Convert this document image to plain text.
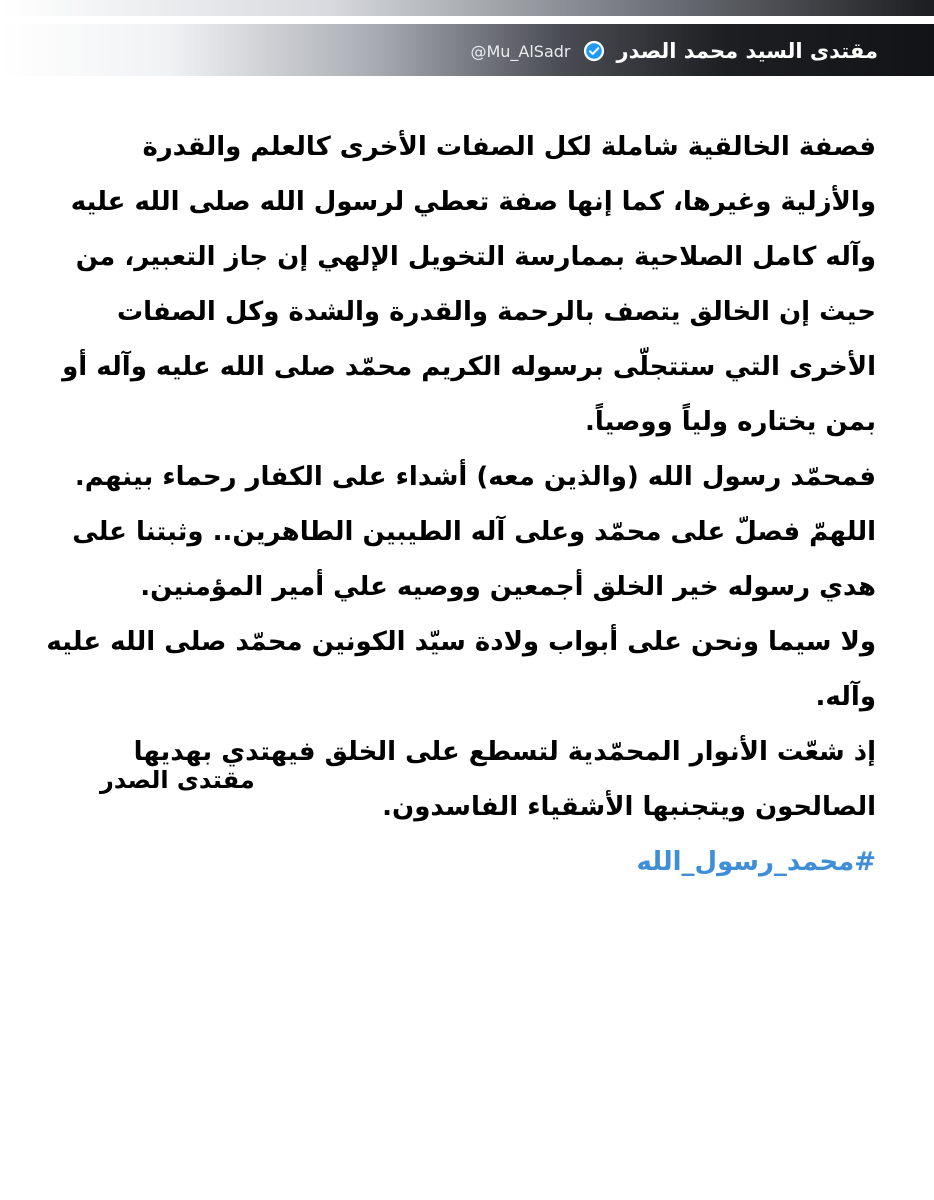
@Mu_AlSadr مقتدى السيد محمد الصدر

فصفة الخالقية شاملة لكل الصفات الأخرى كالعلم والقدرة والأزلية وغيرها، كما إنها صفة تعطي لرسول الله صلى الله عليه وآله كامل الصلاحية بممارسة التخويل الإلهي إن جاز التعبير، من حيث إن الخالق يتصف بالرحمة والقدرة والشدة وكل الصفات الأخرى التي ستتجلّى برسوله الكريم محمّد صلى الله عليه وآله أو بمن يختاره ولياً ووصياً.

فمحمّد رسول الله (والذين معه) أشداء على الكفار رحماء بينهم.

اللهمّ فصلّ على محمّد وعلى آله الطيبين الطاهرين.. وثبتنا على هدي رسوله خير الخلق أجمعين ووصيه علي أمير المؤمنين.

ولا سيما ونحن على أبواب ولادة سيّد الكونين محمّد صلى الله عليه وآله.

إذ شعّت الأنوار المحمّدية لتسطع على الخلق فيهتدي بهديها الصالحون ويتجنبها الأشقياء الفاسدون.

#محمد_رسول_الله

مقتدى الصدر
